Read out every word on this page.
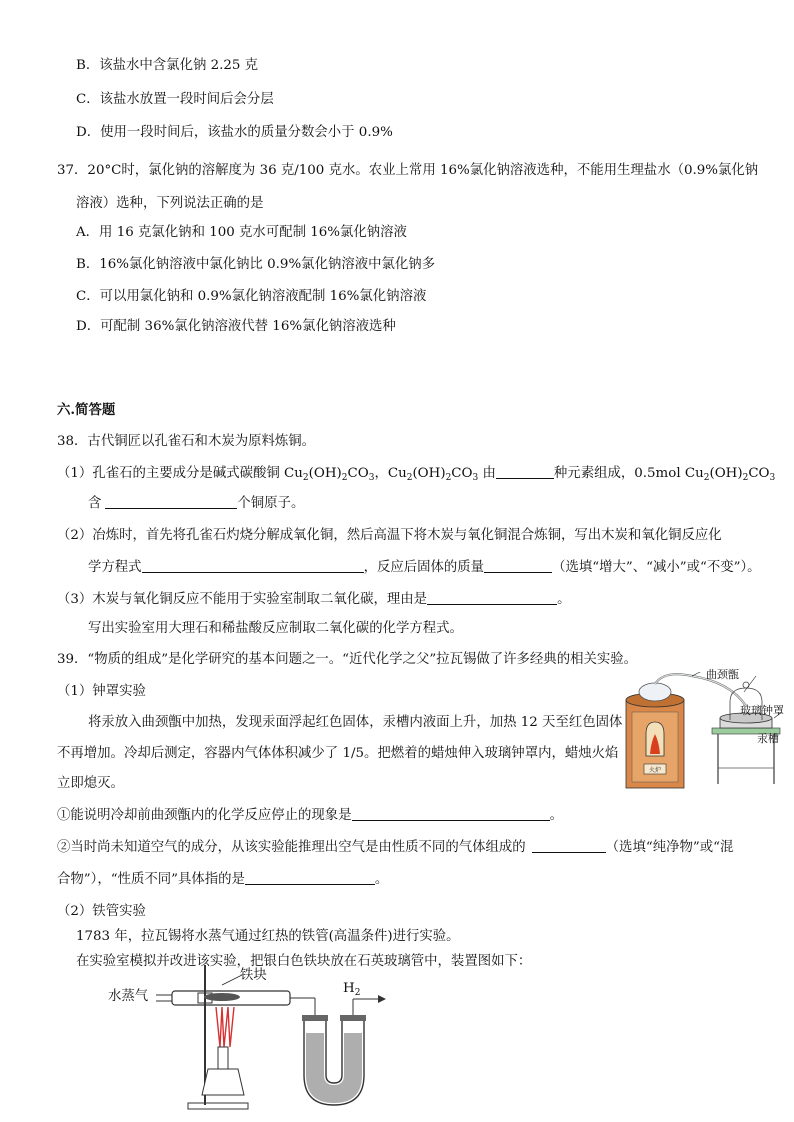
B．该盐水中含氯化钠 2.25 克
C．该盐水放置一段时间后会分层
D．使用一段时间后，该盐水的质量分数会小于 0.9%
37．20°C时，氯化钠的溶解度为 36 克/100 克水。农业上常用 16%氯化钠溶液选种，不能用生理盐水（0.9%氯化钠
溶液）选种，下列说法正确的是
A．用 16 克氯化钠和 100 克水可配制 16%氯化钠溶液
B．16%氯化钠溶液中氯化钠比 0.9%氯化钠溶液中氯化钠多
C．可以用氯化钠和 0.9%氯化钠溶液配制 16%氯化钠溶液
D．可配制 36%氯化钠溶液代替 16%氯化钠溶液选种
六.简答题
38．古代铜匠以孔雀石和木炭为原料炼铜。
（1）孔雀石的主要成分是碱式碳酸铜 $Cu_2(OH)_2CO_3$，$Cu_2(OH)_2CO_3$ 由	种元素组成，0.5mol $Cu_2(OH)_2CO_3$
含	个铜原子。
（2）冶炼时，首先将孔雀石灼烧分解成氧化铜，然后高温下将木炭与氧化铜混合炼铜，写出木炭和氧化铜反应化
学方程式	，反应后固体的质量	（选填“增大”、“减小”或“不变”）。
（3）木炭与氧化铜反应不能用于实验室制取二氧化碳，理由是	。
写出实验室用大理石和稀盐酸反应制取二氧化碳的化学方程式。
39．“物质的组成”是化学研究的基本问题之一。“近代化学之父”拉瓦锡做了许多经典的相关实验。
（1）钟罩实验
将汞放入曲颈甑中加热，发现汞面浮起红色固体，汞槽内液面上升，加热 12 天至红色固体
不再增加。冷却后测定，容器内气体体积减少了 1/5。把燃着的蜡烛伸入玻璃钟罩内，蜡烛火焰
立即熄灭。
①能说明冷却前曲颈甑内的化学反应停止的现象是	。
②当时尚未知道空气的成分，从该实验能推理出空气是由性质不同的气体组成的	（选填“纯净物”或“混
合物”），“性质不同”具体指的是	。
（2）铁管实验
1783 年，拉瓦锡将水蒸气通过红热的铁管(高温条件)进行实验。
在实验室模拟并改进该实验，把银白色铁块放在石英玻璃管中，装置图如下：
火炉
曲颈甑
玻璃钟罩
汞槽
水蒸气
铁块
$H_2$
